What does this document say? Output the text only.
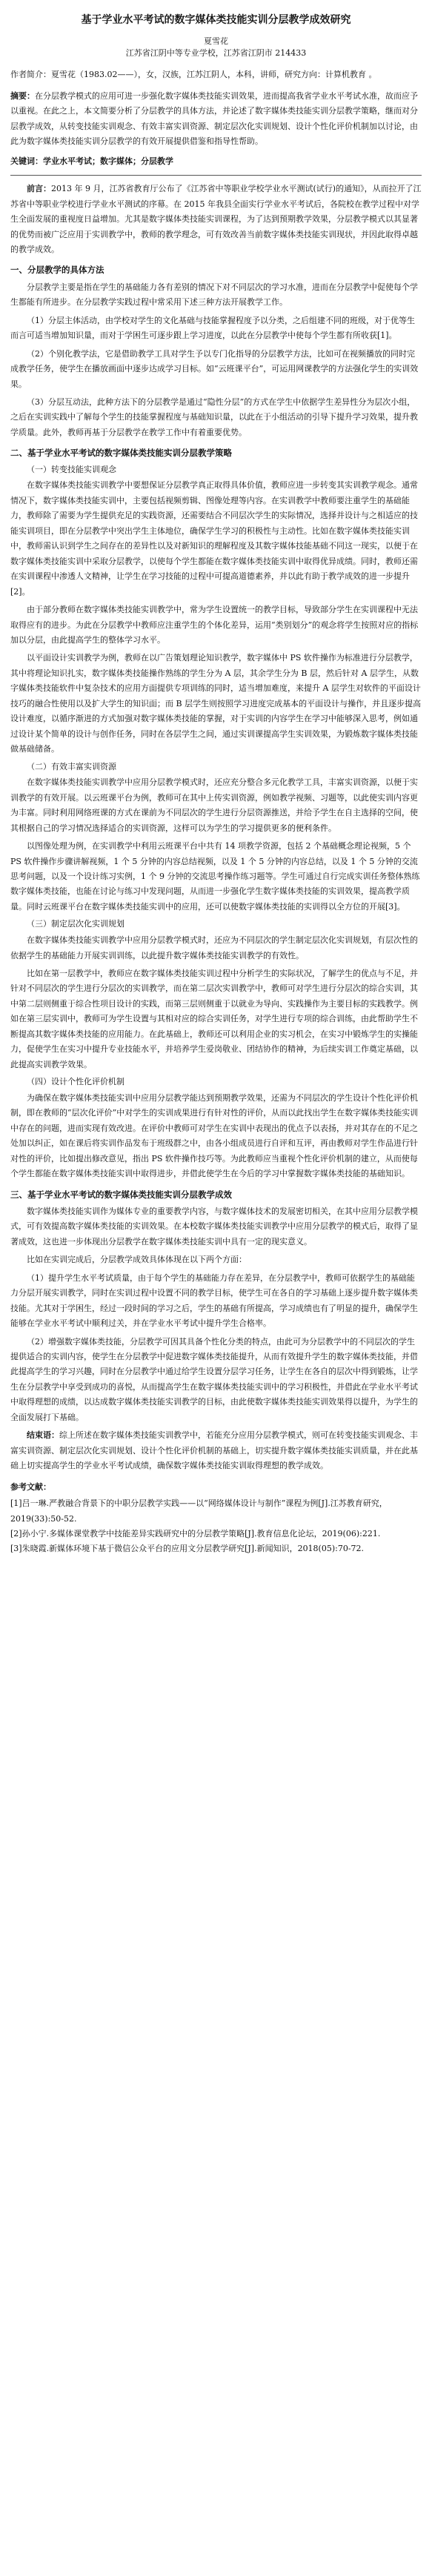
基于学业水平考试的数字媒体类技能实训分层教学成效研究
夏雪花
江苏省江阴中等专业学校，江苏省江阴市 214433
作者简介：夏雪花（1983.02——），女，汉族，江苏江阴人，本科，讲师，研究方向：计算机教育 。
摘要：在分层教学模式的应用可进一步强化数字媒体类技能实训效果，进而提高我省学业水平考试水准，故而应予以重视。在此之上，本文简要分析了分层教学的具体方法，并论述了数字媒体类技能实训分层教学策略，继而对分层教学成效，从转变技能实训观念、有效丰富实训资源、制定层次化实训规划、设计个性化评价机制加以讨论，由此为数字媒体类技能实训分层教学的有效开展提供借鉴和指导性帮助。
关键词：学业水平考试；数字媒体；分层教学

前言：2013 年 9 月，江苏省教育厅公布了《江苏省中等职业学校学业水平测试(试行)的通知》，从而拉开了江苏省中等职业学校进行学业水平测试的序幕。在 2015 年我县全面实行学业水平考试后，各院校在教学过程中对学生全面发展的重视度日益增加。尤其是数字媒体类技能实训课程，为了达到预期教学效果，分层教学模式以其显著的优势而被广泛应用于实训教学中，教师的教学理念，可有效改善当前数字媒体类技能实训现状，并因此取得卓越的教学成效。

一、分层教学的具体方法

分层教学主要是指在学生的基础能力各有差别的情况下对不同层次的学习水准，进而在分层教学中促使每个学生都能有所进步。在分层教学实践过程中常采用下述三种方法开展教学工作。

（1）分层主体活动，由学校对学生的文化基础与技能掌握程度予以分类，之后组建不同的班级，对于优等生而言可适当增加知识量，而对于学困生可逐步跟上学习进度，以此在分层教学中使每个学生都有所收获[1]。

（2）个别化教学法，它是借助教学工具对学生予以专门化指导的分层教学方法，比如可在视频播放的同时完成教学任务，使学生在播放画面中逐步达成学习目标。如“云班课平台”，可运用网课教学的方法强化学生的实训效果。

（3）分层互动法，此种方法下的分层教学是通过“隐性分层”的方式在学生中依据学生差异性分为层次小组，之后在实训实践中了解每个学生的技能掌握程度与基础知识量，以此在于小组活动的引导下提升学习效果，提升教学质量。此外，教师再基于分层教学在教学工作中有着重要优势。

二、基于学业水平考试的数字媒体类技能实训分层教学策略
（一）转变技能实训观念

在数字媒体类技能实训教学中要想保证分层教学真正取得具体价值，教师应进一步转变其实训教学观念。通常情况下，数字媒体类技能实训中，主要包括视频剪辑、图像处理等内容。在实训教学中教师要注重学生的基础能力，教师除了需要为学生提供充足的实践资源，还需要结合不同层次学生的实际情况，选择并设计与之相适应的技能实训项目，即在分层教学中突出学生主体地位，确保学生学习的积极性与主动性。比如在数字媒体类技能实训中，教师需认识到学生之间存在的差异性以及对新知识的理解程度及其数字媒体技能基础不同这一现实，以便于在数字媒体类技能实训中采取分层教学，以使每个学生都能在数字媒体类技能实训中取得优异成绩。同时，教师还需在实训课程中渗透人文精神，让学生在学习技能的过程中可提高道德素养，并以此有助于教学成效的进一步提升[2]。

由于部分教师在数字媒体类技能实训教学中，常为学生设置统一的教学目标，导致部分学生在实训课程中无法取得应有的进步。为此在分层教学中教师应注重学生的个体化差异，运用“类别划分”的观念将学生按照对应的指标加以分层，由此提高学生的整体学习水平。

以平面设计实训教学为例，教师在以广告策划理论知识教学，数字媒体中 PS 软件操作为标准进行分层教学，其中将理论知识扎实，数字媒体类技能操作熟练的学生分为 A 层，其余学生分为 B 层，然后针对 A 层学生，从数字媒体类技能软件中复杂技术的应用方面提供专项训练的同时，适当增加难度，来提升 A 层学生对软件的平面设计技巧的融合性使用以及扩大学生的知识面；而 B 层学生则按照学习进度完成基本的平面设计与操作，并且逐步提高设计难度，以循序渐进的方式加强对数字媒体类技能的掌握，对于实训的内容学生在学习中能够深入思考，例如通过设计某个简单的设计与创作任务，同时在各层学生之间，通过实训课提高学生实训效果，为锻炼数字媒体类技能做基础储备。

（二）有效丰富实训资源

在数字媒体类技能实训教学中应用分层教学模式时，还应充分整合多元化教学工具，丰富实训资源，以便于实训教学的有效开展。以云班课平台为例，教师可在其中上传实训资源，例如教学视频、习题等，以此使实训内容更为丰富。同时利用网络班课的方式在课前为不同层次的学生进行分层资源推送，并给予学生在自主选择的空间，使其根据自己的学习情况选择适合的实训资源，这样可以为学生的学习提供更多的便利条件。

以图像处理为例，在实训教学中利用云班课平台中共有 14 项教学资源，包括 2 个基础概念理论视频，5 个 PS 软件操作步骤讲解视频，1 个 5 分钟的内容总结视频，以及 1 个 5 分钟的内容总结，以及 1 个 5 分钟的交流思考问题，以及一个设计练习实例，1 个 9 分钟的交流思考操作练习题等。学生可通过自行完成实训任务整体熟练数字媒体类技能，也能在讨论与练习中发现问题，从而进一步强化学生数字媒体类技能的实训效果，提高教学质量。同时云班课平台在数字媒体类技能实训中的应用，还可以使数字媒体类技能的实训得以全方位的开展[3]。

（三）制定层次化实训规划

在数字媒体类技能实训教学中应用分层教学模式时，还应为不同层次的学生制定层次化实训规划，有层次性的依据学生的基础能力开展实训训练，以此提升数字媒体类技能实训教学的有效性。

比如在第一层教学中，教师应在数字媒体类技能实训过程中分析学生的实际状况，了解学生的优点与不足，并针对不同层次的学生进行分层次的实训教学，而在第二层次实训教学中，教师可对学生进行分层次的综合实训，其中第二层则侧重于综合性项目设计的实践，而第三层则侧重于以就业为导向、实践操作为主要目标的实践教学。例如在第三层实训中，教师可为学生设置与其相对应的综合实训任务，对学生进行专项的综合训练，由此帮助学生不断提高其数字媒体类技能的应用能力。在此基础上，教师还可以利用企业的实习机会，在实习中锻炼学生的实操能力，促使学生在实习中提升专业技能水平，并培养学生爱岗敬业、团结协作的精神，为后续实训工作奠定基础，以此提高实训教学效果。

（四）设计个性化评价机制

为确保在数字媒体类技能实训中应用分层教学能达到预期教学效果，还需为不同层次的学生设计个性化评价机制，即在教师的“层次化评价”中对学生的实训成果进行有针对性的评价，从而以此找出学生在数字媒体类技能实训中存在的问题，进而实现有效改进。在评价中教师可对学生在实训中表现出的优点予以表扬，并对其存在的不足之处加以纠正，如在课后将实训作品发布于班级群之中，由各小组成员进行自评和互评，再由教师对学生作品进行针对性的评价，比如提出修改意见，指出 PS 软件操作技巧等。为此教师应当重视个性化评价机制的建立，从而使每个学生都能在数字媒体类技能实训中取得进步，并借此使学生在今后的学习中掌握数字媒体类技能的基础知识。

三、基于学业水平考试的数字媒体类技能实训分层教学成效

数字媒体类技能实训作为媒体专业的重要教学内容，与数字媒体技术的发展密切相关，在其中应用分层教学模式，可有效提高数字媒体类技能的实训效果。在本校数字媒体类技能实训教学中应用分层教学的模式后，取得了显著成效，这也进一步体现出分层教学在数字媒体类技能实训中具有一定的现实意义。

比如在实训完成后，分层教学成效具体体现在以下两个方面：

（1）提升学生水平考试质量，由于每个学生的基础能力存在差异，在分层教学中，教师可依据学生的基础能力分层开展实训教学，同时在实训过程中设置不同的教学目标，使学生可在各自的学习基础上逐步提升数字媒体类技能。尤其对于学困生，经过一段时间的学习之后，学生的基础有所提高，学习成绩也有了明显的提升，确保学生能够在学业水平考试中顺利过关，并在学业水平考试中提升学生合格率。

（2）增强数字媒体类技能，分层教学可因其具备个性化分类的特点，由此可为分层教学中的不同层次的学生提供适合的实训内容，使学生在分层教学中促进数字媒体类技能提升，从而有效提升学生的数字媒体类技能，并借此提高学生的学习兴趣，同时在分层教学中通过给学生设置分层学习任务，让学生在各自的层次中得到锻炼，让学生在分层教学中享受到成功的喜悦，从而提高学生在数字媒体类技能实训中的学习积极性，并借此在学业水平考试中取得理想的成绩，以达成数字媒体类技能实训教学的目标，由此使数字媒体类技能实训效果得以提升，为学生的全面发展打下基础。

结束语：综上所述在数字媒体类技能实训教学中，若能充分应用分层教学模式，则可在转变技能实训观念、丰富实训资源、制定层次化实训规划、设计个性化评价机制的基础上，切实提升数字媒体类技能实训质量，并在此基础上切实提高学生的学业水平考试成绩，确保数字媒体类技能实训取得理想的教学成效。

参考文献：

[1]吕一琳.严教融合背景下的中职分层教学实践——以“网络媒体设计与制作”课程为例[J].江苏教育研究，2019(33):50-52.

[2]孙小宁.多媒体课堂教学中技能差异实践研究中的分层教学策略[J].教育信息化论坛，2019(06):221.

[3]朱晓霞.新媒体环境下基于微信公众平台的应用文分层教学研究[J].新闻知识，2018(05):70-72.
